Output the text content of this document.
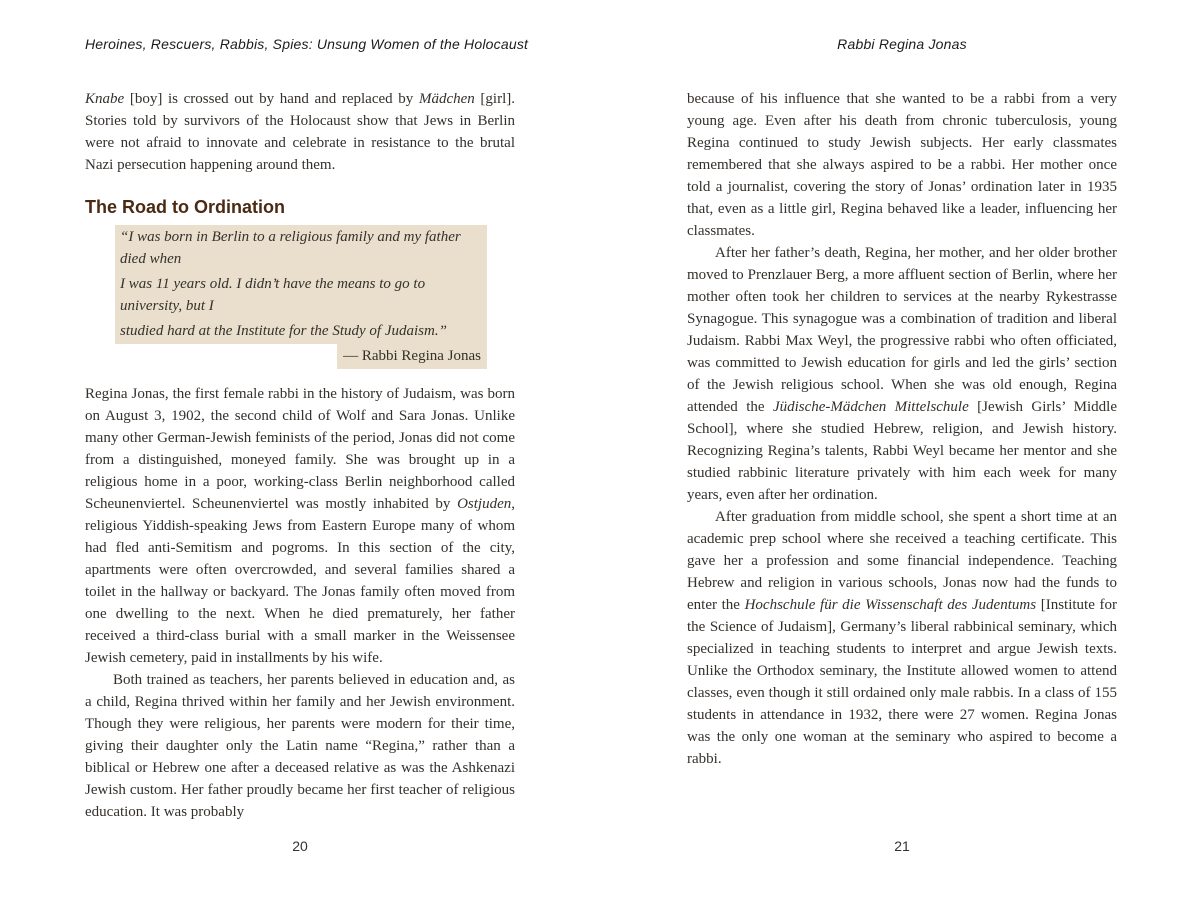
Heroines, Rescuers, Rabbis, Spies: Unsung Women of the Holocaust

Knabe [boy] is crossed out by hand and replaced by Mädchen [girl]. Stories told by survivors of the Holocaust show that Jews in Berlin were not afraid to innovate and celebrate in resistance to the brutal Nazi persecution happening around them.

The Road to Ordination
“I was born in Berlin to a religious family and my father died when
I was 11 years old. I didn’t have the means to go to university, but I
studied hard at the Institute for the Study of Judaism.”
— Rabbi Regina Jonas

Regina Jonas, the first female rabbi in the history of Judaism, was born on August 3, 1902, the second child of Wolf and Sara Jonas. Unlike many other German-Jewish feminists of the period, Jonas did not come from a distinguished, moneyed family. She was brought up in a religious home in a poor, working-class Berlin neighborhood called Scheunenviertel. Scheunenviertel was mostly inhabited by Ostjuden, religious Yiddish-speaking Jews from Eastern Europe many of whom had fled anti-Semitism and pogroms. In this section of the city, apartments were often overcrowded, and several families shared a toilet in the hallway or backyard. The Jonas family often moved from one dwelling to the next. When he died prematurely, her father received a third-class burial with a small marker in the Weissensee Jewish cemetery, paid in installments by his wife.

Both trained as teachers, her parents believed in education and, as a child, Regina thrived within her family and her Jewish environment. Though they were religious, her parents were modern for their time, giving their daughter only the Latin name “Regina,” rather than a biblical or Hebrew one after a deceased relative as was the Ashkenazi Jewish custom. Her father proudly became her first teacher of religious education. It was probably

20
Rabbi Regina Jonas

because of his influence that she wanted to be a rabbi from a very young age. Even after his death from chronic tuberculosis, young Regina continued to study Jewish subjects. Her early classmates remembered that she always aspired to be a rabbi. Her mother once told a journalist, covering the story of Jonas’ ordination later in 1935 that, even as a little girl, Regina behaved like a leader, influencing her classmates.

After her father’s death, Regina, her mother, and her older brother moved to Prenzlauer Berg, a more affluent section of Berlin, where her mother often took her children to services at the nearby Rykestrasse Synagogue. This synagogue was a combination of tradition and liberal Judaism. Rabbi Max Weyl, the progressive rabbi who often officiated, was committed to Jewish education for girls and led the girls’ section of the Jewish religious school. When she was old enough, Regina attended the Jüdische-Mädchen Mittelschule [Jewish Girls’ Middle School], where she studied Hebrew, religion, and Jewish history. Recognizing Regina’s talents, Rabbi Weyl became her mentor and she studied rabbinic literature privately with him each week for many years, even after her ordination.

After graduation from middle school, she spent a short time at an academic prep school where she received a teaching certificate. This gave her a profession and some financial independence. Teaching Hebrew and religion in various schools, Jonas now had the funds to enter the Hochschule für die Wissenschaft des Judentums [Institute for the Science of Judaism], Germany’s liberal rabbinical seminary, which specialized in teaching students to interpret and argue Jewish texts. Unlike the Orthodox seminary, the Institute allowed women to attend classes, even though it still ordained only male rabbis. In a class of 155 students in attendance in 1932, there were 27 women. Regina Jonas was the only one woman at the seminary who aspired to become a rabbi.

21
